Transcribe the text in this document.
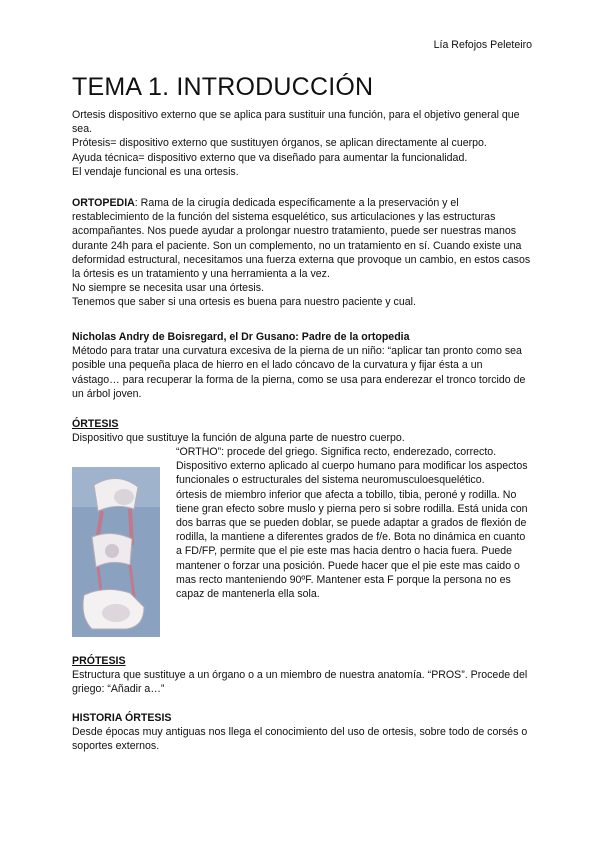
Lía Refojos Peleteiro
TEMA 1. INTRODUCCIÓN

Ortesis dispositivo externo que se aplica para sustituir una función, para el objetivo general que sea.

Prótesis= dispositivo externo que sustituyen órganos, se aplican directamente al cuerpo.

Ayuda técnica= dispositivo externo que va diseñado para aumentar la funcionalidad.

El vendaje funcional es una ortesis.

ORTOPEDIA: Rama de la cirugía dedicada específicamente a la preservación y el restablecimiento de la función del sistema esquelético, sus articulaciones y las estructuras acompañantes. Nos puede ayudar a prolongar nuestro tratamiento, puede ser nuestras manos durante 24h para el paciente. Son un complemento, no un tratamiento en sí. Cuando existe una deformidad estructural, necesitamos una fuerza externa que provoque un cambio, en estos casos la órtesis es un tratamiento y una herramienta a la vez.

No siempre se necesita usar una órtesis.

Tenemos que saber si una ortesis es buena para nuestro paciente y cual.

Nicholas Andry de Boisregard, el Dr Gusano: Padre de la ortopedia

Método para tratar una curvatura excesiva de la pierna de un niño: “aplicar tan pronto como sea posible una pequeña placa de hierro en el lado cóncavo de la curvatura y fijar ésta a un vástago… para recuperar la forma de la pierna, como se usa para enderezar el tronco torcido de un árbol joven.

ÓRTESIS

Dispositivo que sustituye la función de alguna parte de nuestro cuerpo.

“ORTHO”: procede del griego. Significa recto, enderezado, correcto.

Dispositivo externo aplicado al cuerpo humano para modificar los aspectos funcionales o estructurales del sistema neuromusculoesquelético.

órtesis de miembro inferior que afecta a tobillo, tibia, peroné y rodilla. No tiene gran efecto sobre muslo y pierna pero si sobre rodilla. Está unida con dos barras que se pueden doblar, se puede adaptar a grados de flexión de rodilla, la mantiene a diferentes grados de f/e. Bota no dinámica en cuanto a FD/FP, permite que el pie este mas hacia dentro o hacia fuera. Puede mantener o forzar una posición. Puede hacer que el pie este mas caido o mas recto manteniendo 90ºF. Mantener esta F porque la persona no es capaz de mantenerla ella sola.

PRÓTESIS

Estructura que sustituye a un órgano o a un miembro de nuestra anatomía. “PROS”. Procede del griego: “Añadir a…”

HISTORIA ÓRTESIS

Desde épocas muy antiguas nos llega el conocimiento del uso de ortesis, sobre todo de corsés o soportes externos.
